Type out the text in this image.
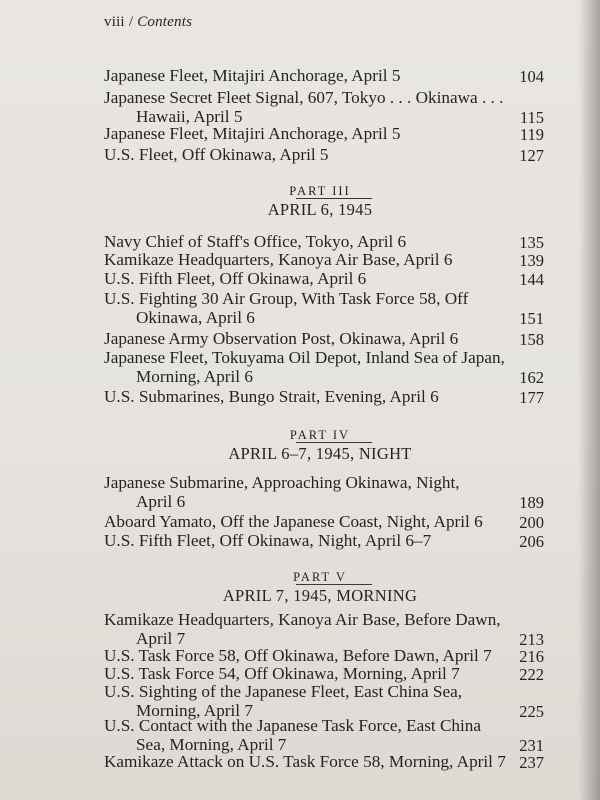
viii / Contents
Japanese Fleet, Mitajiri Anchorage, April 5	104
Japanese Secret Fleet Signal, 607, Tokyo . . . Okinawa . . .
Hawaii, April 5	115
Japanese Fleet, Mitajiri Anchorage, April 5	119
U.S. Fleet, Off Okinawa, April 5	127
PART III
APRIL 6, 1945
Navy Chief of Staff's Office, Tokyo, April 6	135
Kamikaze Headquarters, Kanoya Air Base, April 6	139
U.S. Fifth Fleet, Off Okinawa, April 6	144
U.S. Fighting 30 Air Group, With Task Force 58, Off
Okinawa, April 6	151
Japanese Army Observation Post, Okinawa, April 6	158
Japanese Fleet, Tokuyama Oil Depot, Inland Sea of Japan,
Morning, April 6	162
U.S. Submarines, Bungo Strait, Evening, April 6	177
PART IV
APRIL 6–7, 1945, NIGHT
Japanese Submarine, Approaching Okinawa, Night,
April 6	189
Aboard Yamato, Off the Japanese Coast, Night, April 6	200
U.S. Fifth Fleet, Off Okinawa, Night, April 6–7	206
PART V
APRIL 7, 1945, MORNING
Kamikaze Headquarters, Kanoya Air Base, Before Dawn,
April 7	213
U.S. Task Force 58, Off Okinawa, Before Dawn, April 7	216
U.S. Task Force 54, Off Okinawa, Morning, April 7	222
U.S. Sighting of the Japanese Fleet, East China Sea,
Morning, April 7	225
U.S. Contact with the Japanese Task Force, East China
Sea, Morning, April 7	231
Kamikaze Attack on U.S. Task Force 58, Morning, April 7 237
